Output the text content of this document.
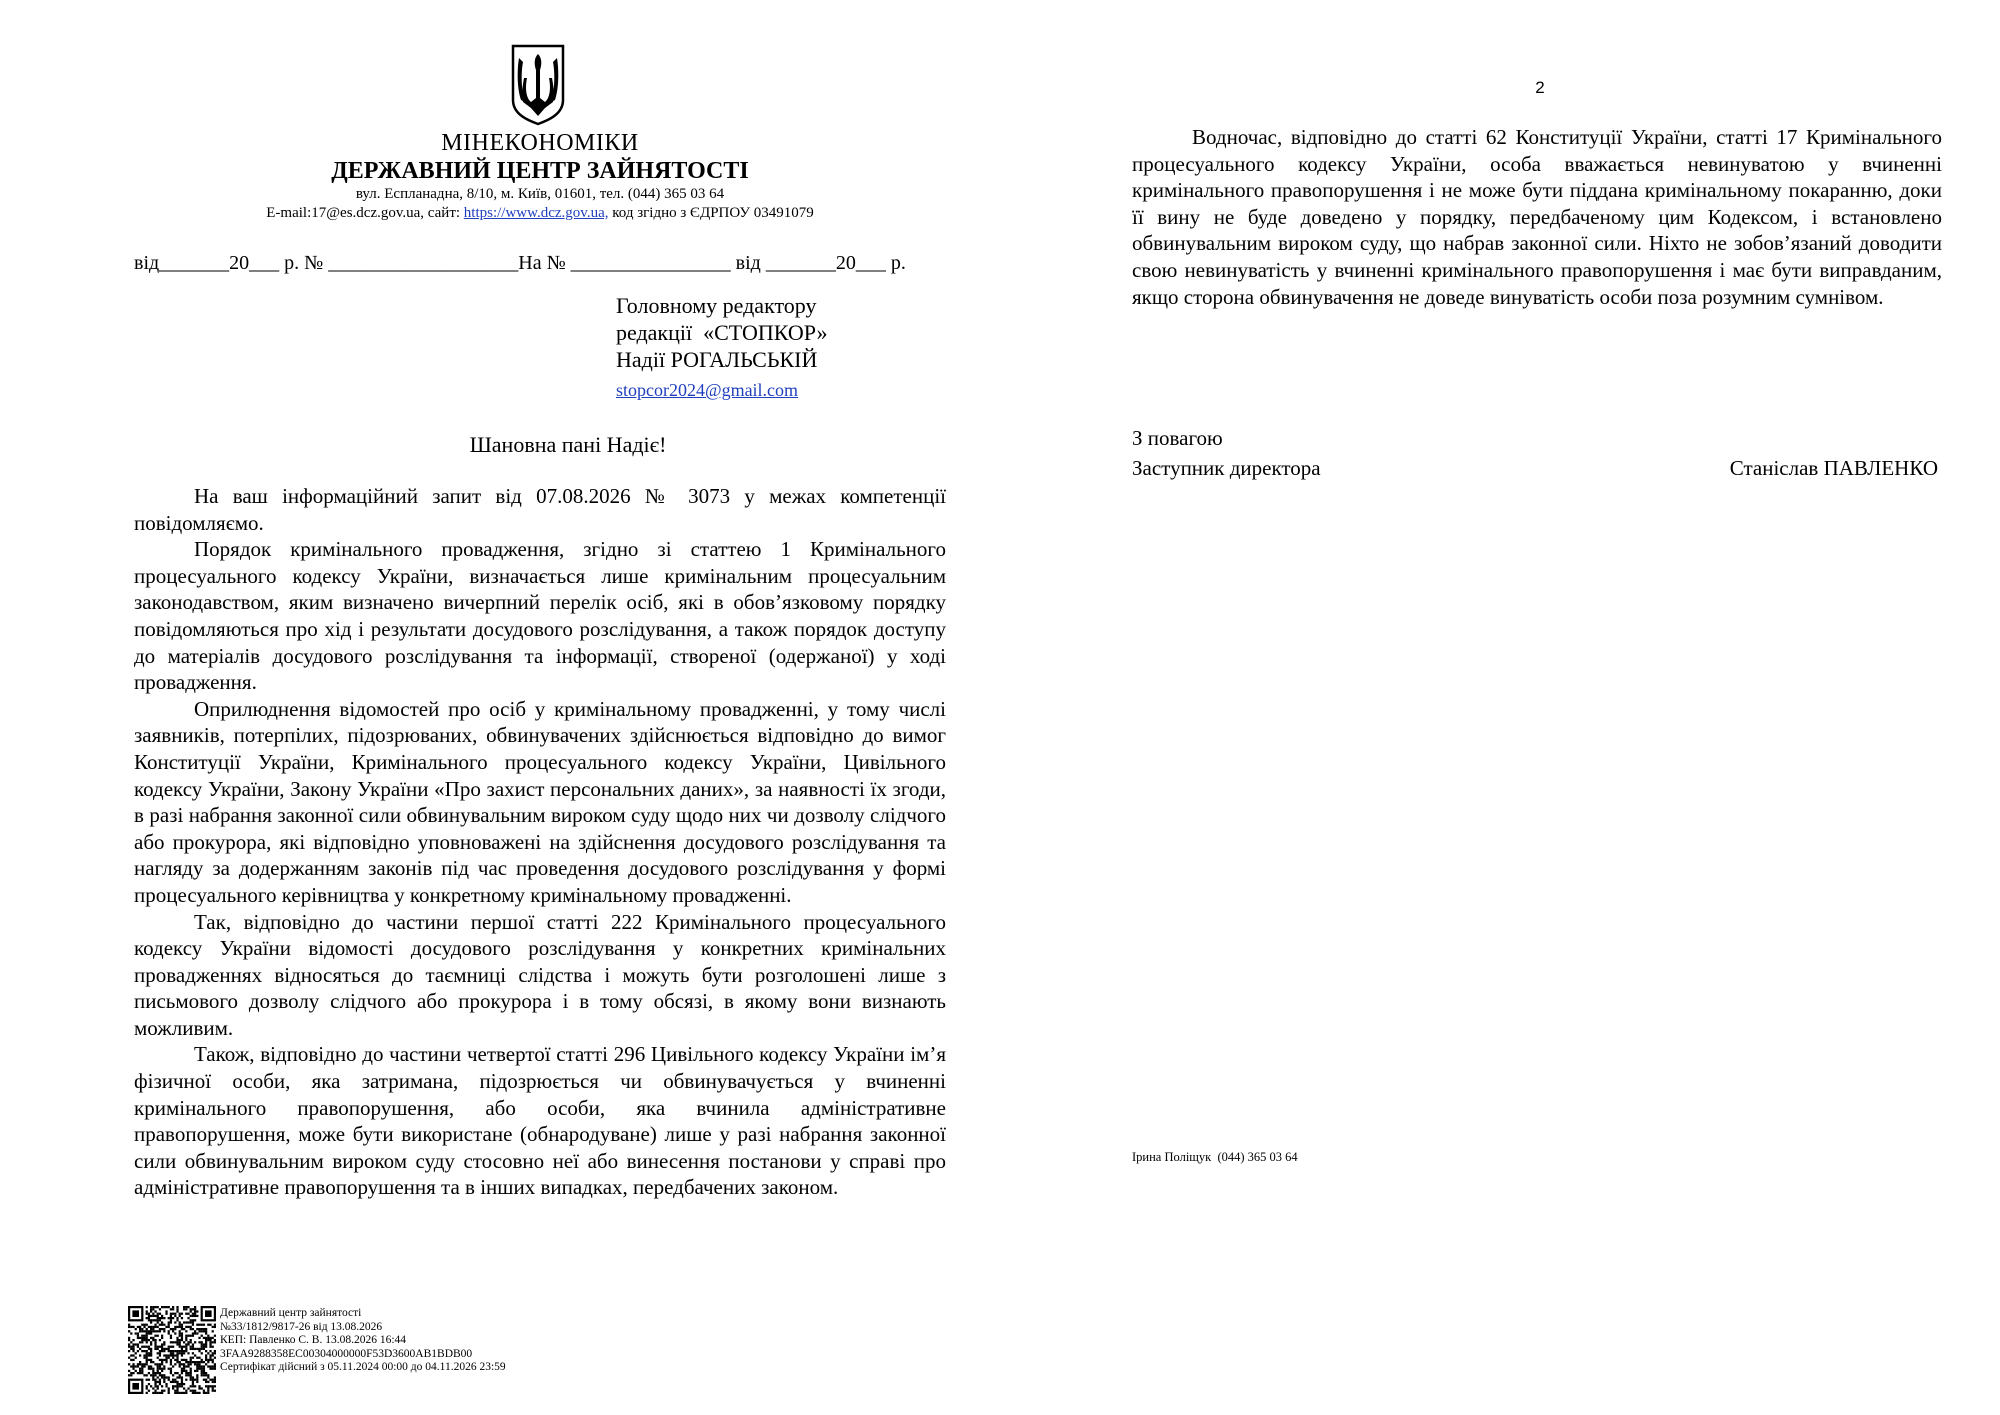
МІНЕКОНОМІКИ
ДЕРЖАВНИЙ ЦЕНТР ЗАЙНЯТОСТІ
вул. Еспланадна, 8/10, м. Київ, 01601, тел. (044) 365 03 64
E-mail:17@es.dcz.gov.ua, сайт: https://www.dcz.gov.ua, код згідно з ЄДРПОУ 03491079
від_______20___ р. № ___________________На № ________________ від _______20___ р.
Головному редактору
редакції  «СТОПКОР»
Надії РОГАЛЬСЬКІЙ
stopcor2024@gmail.com
Шановна пані Надіє!

На ваш інформаційний запит від 07.08.2026 № 3073 у межах компетенції повідомляємо.

Порядок кримінального провадження, згідно зі статтею 1 Кримінального процесуального кодексу України, визначається лише кримінальним процесуальним законодавством, яким визначено вичерпний перелік осіб, які в обов’язковому порядку повідомляються про хід і результати досудового розслідування, а також порядок доступу до матеріалів досудового розслідування та інформації, створеної (одержаної) у ході провадження.

Оприлюднення відомостей про осіб у кримінальному провадженні, у тому числі заявників, потерпілих, підозрюваних, обвинувачених здійснюється відповідно до вимог Конституції України, Кримінального процесуального кодексу України, Цивільного кодексу України, Закону України «Про захист персональних даних», за наявності їх згоди, в разі набрання законної сили обвинувальним вироком суду щодо них чи дозволу слідчого або прокурора, які відповідно уповноважені на здійснення досудового розслідування та нагляду за додержанням законів під час проведення досудового розслідування у формі процесуального керівництва у конкретному кримінальному провадженні.

Так, відповідно до частини першої статті 222 Кримінального процесуального кодексу України відомості досудового розслідування у конкретних кримінальних провадженнях відносяться до таємниці слідства і можуть бути розголошені лише з письмового дозволу слідчого або прокурора і в тому обсязі, в якому вони визнають можливим.

Також, відповідно до частини четвертої статті 296 Цивільного кодексу України ім’я фізичної особи, яка затримана, підозрюється чи обвинувачується у вчиненні кримінального правопорушення, або особи, яка вчинила адміністративне правопорушення, може бути використане (обнародуване) лише у разі набрання законної сили обвинувальним вироком суду стосовно неї або винесення постанови у справі про адміністративне правопорушення та в інших випадках, передбачених законом.

Державний центр зайнятості
№33/1812/9817-26 від 13.08.2026
КЕП: Павленко С. В. 13.08.2026 16:44
3FAA9288358EC00304000000F53D3600AB1BDB00
Сертифікат дійсний з 05.11.2024 00:00 до 04.11.2026 23:59
2

Водночас, відповідно до статті 62 Конституції України, статті 17 Кримінального процесуального кодексу України, особа вважається невинуватою у вчиненні кримінального правопорушення і не може бути піддана кримінальному покаранню, доки її вину не буде доведено у порядку, передбаченому цим Кодексом, і встановлено обвинувальним вироком суду, що набрав законної сили. Ніхто не зобов’язаний доводити свою невинуватість у вчиненні кримінального правопорушення і має бути виправданим, якщо сторона обвинувачення не доведе винуватість особи поза розумним сумнівом.

З повагою
Заступник директора	Станіслав ПАВЛЕНКО
Ірина Поліщук  (044) 365 03 64
